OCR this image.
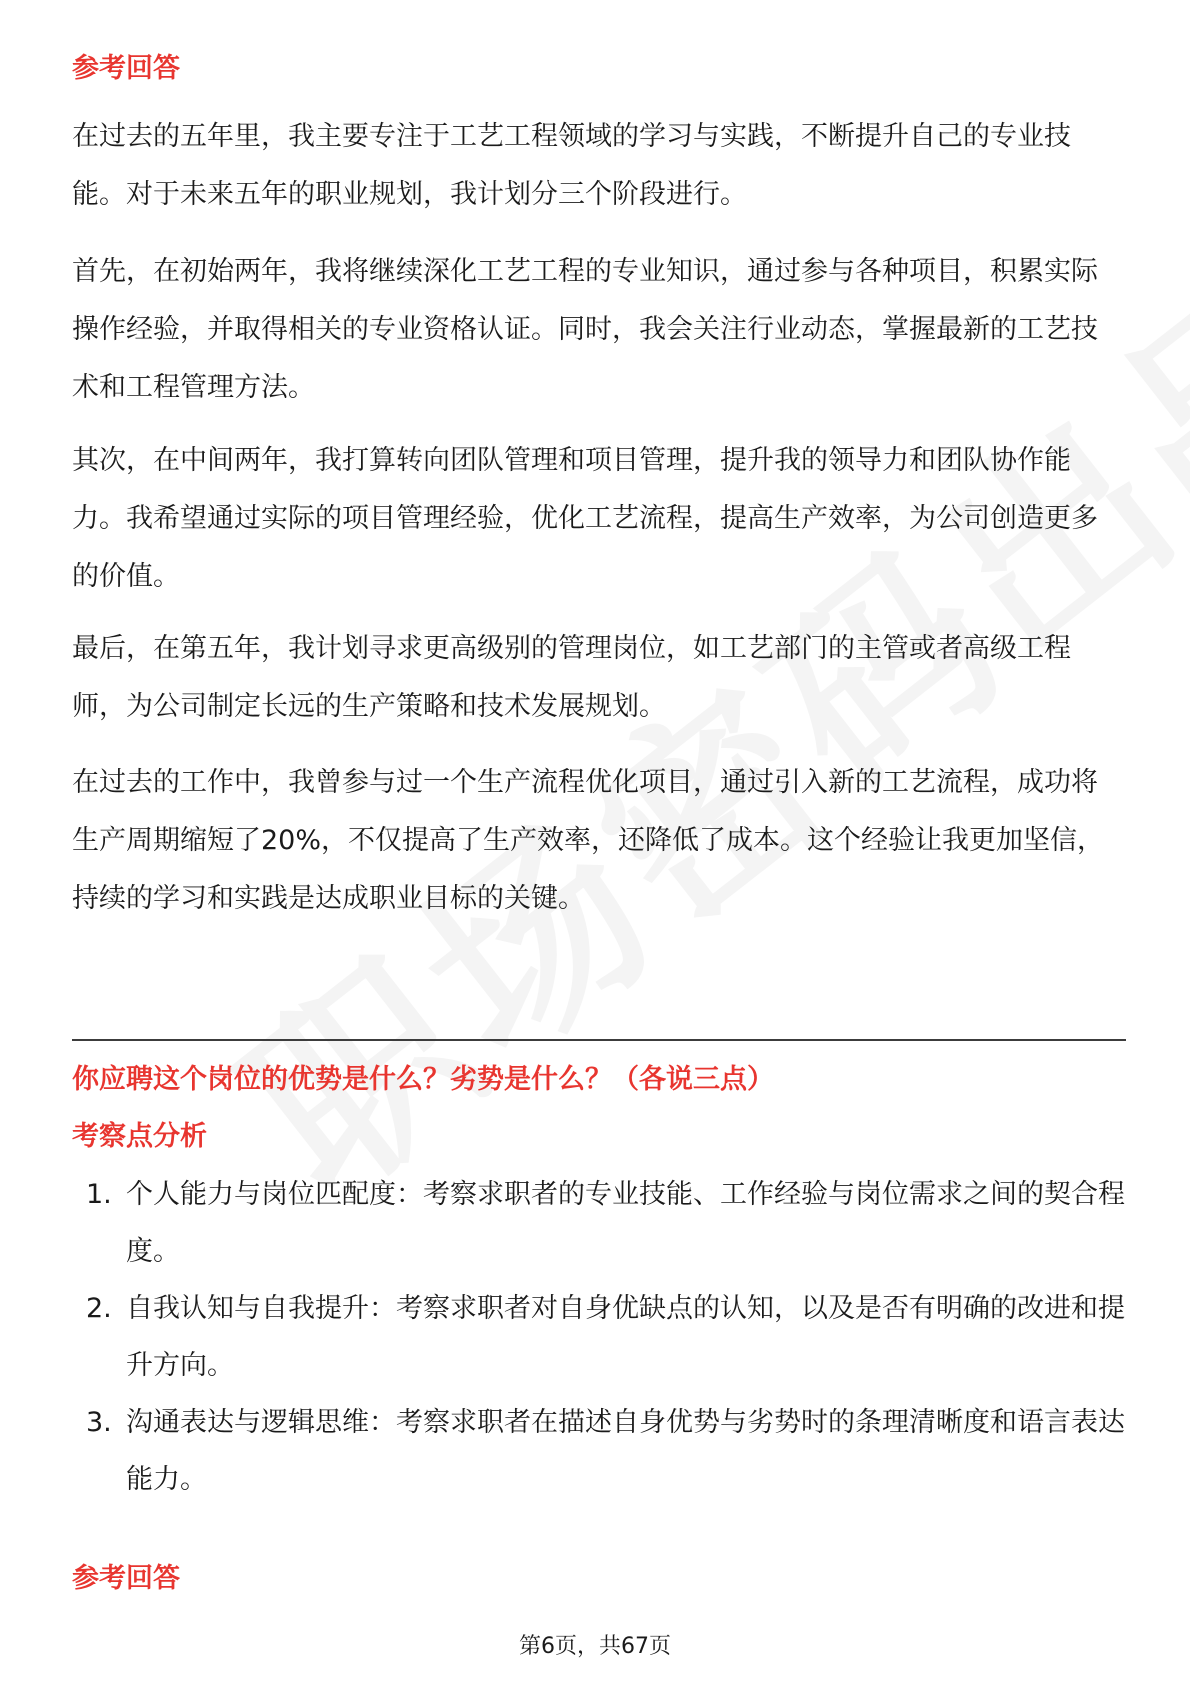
参考回答

在过去的五年里，我主要专注于工艺工程领域的学习与实践，不断提升自己的专业技能。对于未来五年的职业规划，我计划分三个阶段进行。

首先，在初始两年，我将继续深化工艺工程的专业知识，通过参与各种项目，积累实际操作经验，并取得相关的专业资格认证。同时，我会关注行业动态，掌握最新的工艺技术和工程管理方法。

其次，在中间两年，我打算转向团队管理和项目管理，提升我的领导力和团队协作能力。我希望通过实际的项目管理经验，优化工艺流程，提高生产效率，为公司创造更多的价值。

最后，在第五年，我计划寻求更高级别的管理岗位，如工艺部门的主管或者高级工程师，为公司制定长远的生产策略和技术发展规划。

在过去的工作中，我曾参与过一个生产流程优化项目，通过引入新的工艺流程，成功将生产周期缩短了20%，不仅提高了生产效率，还降低了成本。这个经验让我更加坚信，持续的学习和实践是达成职业目标的关键。

你应聘这个岗位的优势是什么？劣势是什么？（各说三点）
考察点分析
1. 个人能力与岗位匹配度：考察求职者的专业技能、工作经验与岗位需求之间的契合程度。
2. 自我认知与自我提升：考察求职者对自身优缺点的认知，以及是否有明确的改进和提升方向。
3. 沟通表达与逻辑思维：考察求职者在描述自身优势与劣势时的条理清晰度和语言表达能力。
参考回答
第6页，共67页
